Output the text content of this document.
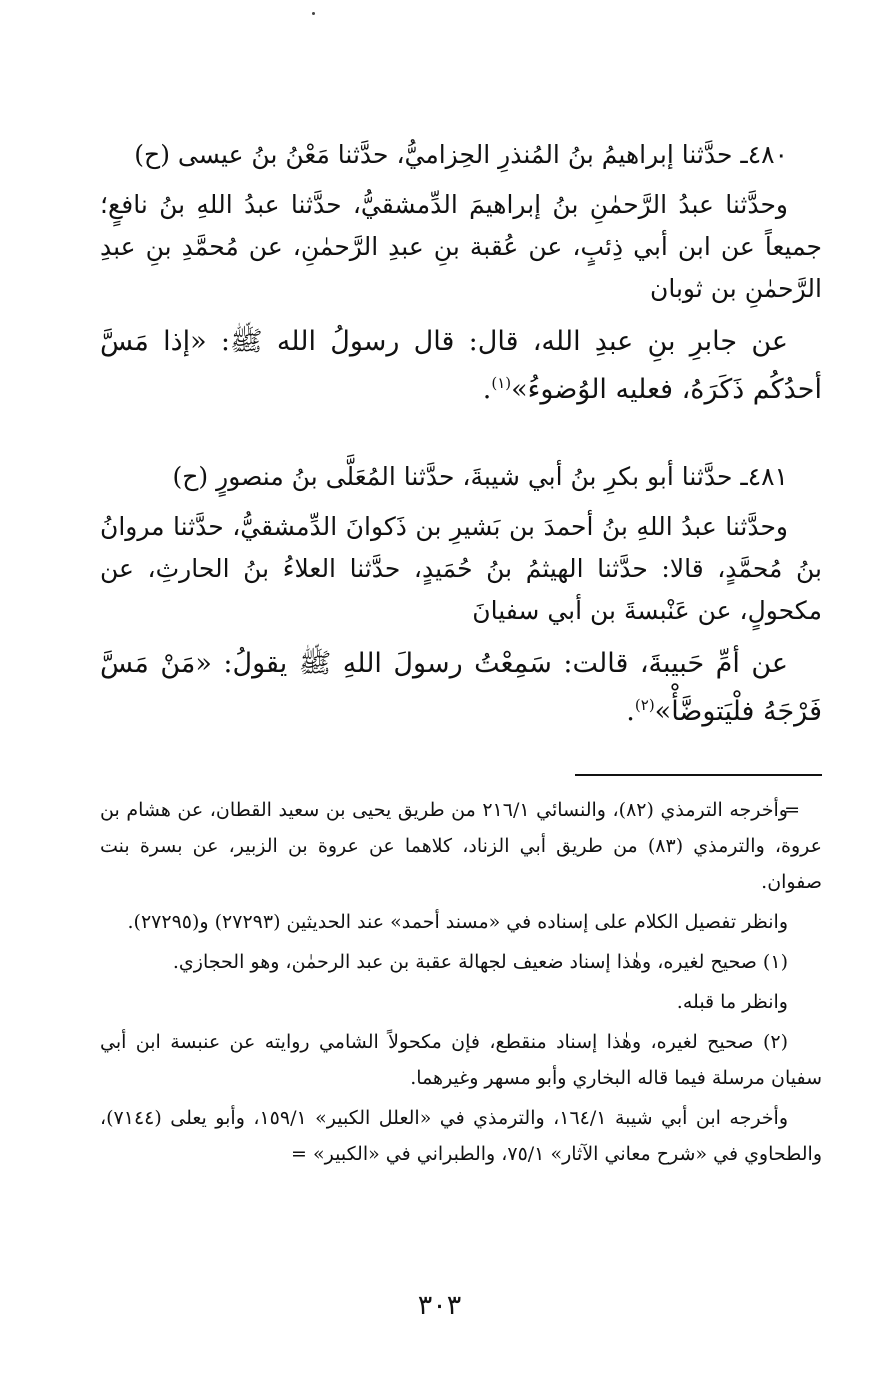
٤٨٠ـ حدَّثنا إبراهيمُ بنُ المُنذرِ الحِزاميُّ، حدَّثنا مَعْنُ بنُ عيسى (ح)

وحدَّثنا عبدُ الرَّحمٰنِ بنُ إبراهيمَ الدِّمشقيُّ، حدَّثنا عبدُ اللهِ بنُ نافعٍ؛ جميعاً عن ابن أبي ذِئبٍ، عن عُقبة بنِ عبدِ الرَّحمٰنِ، عن مُحمَّدِ بنِ عبدِ الرَّحمٰنِ بن ثوبان

عن جابرِ بنِ عبدِ الله، قال: قال رسولُ الله ﷺ: «إذا مَسَّ أحدُكُم ذَكَرَهُ، فعليه الوُضوءُ»$^{(١)}$.

٤٨١ـ حدَّثنا أبو بكرِ بنُ أبي شيبةَ، حدَّثنا المُعَلَّى بنُ منصورٍ (ح)

وحدَّثنا عبدُ اللهِ بنُ أحمدَ بن بَشيرِ بن ذَكوانَ الدِّمشقيُّ، حدَّثنا مروانُ بنُ مُحمَّدٍ، قالا: حدَّثنا الهيثمُ بنُ حُمَيدٍ، حدَّثنا العلاءُ بنُ الحارثِ، عن مكحولٍ، عن عَنْبسةَ بن أبي سفيانَ

عن أمِّ حَبيبةَ، قالت: سَمِعْتُ رسولَ اللهِ ﷺ يقولُ: «مَنْ مَسَّ فَرْجَهُ فلْيَتوضَّأْ»$^{(٢)}$.

=
وأخرجه الترمذي (٨٢)، والنسائي ٢١٦/١ من طريق يحيى بن سعيد القطان، عن هشام بن عروة، والترمذي (٨٣) من طريق أبي الزناد، كلاهما عن عروة بن الزبير، عن بسرة بنت صفوان.

وانظر تفصيل الكلام على إسناده في «مسند أحمد» عند الحديثين (٢٧٢٩٣) و(٢٧٢٩٥).

(١) صحيح لغيره، وهٰذا إسناد ضعيف لجهالة عقبة بن عبد الرحمٰن، وهو الحجازي.

وانظر ما قبله.

(٢) صحيح لغيره، وهٰذا إسناد منقطع، فإن مكحولاً الشامي روايته عن عنبسة ابن أبي سفيان مرسلة فيما قاله البخاري وأبو مسهر وغيرهما.

وأخرجه ابن أبي شيبة ١٦٤/١، والترمذي في «العلل الكبير» ١٥٩/١، وأبو يعلى (٧١٤٤)، والطحاوي في «شرح معاني الآثار» ٧٥/١، والطبراني في «الكبير» =

٣٠٣
